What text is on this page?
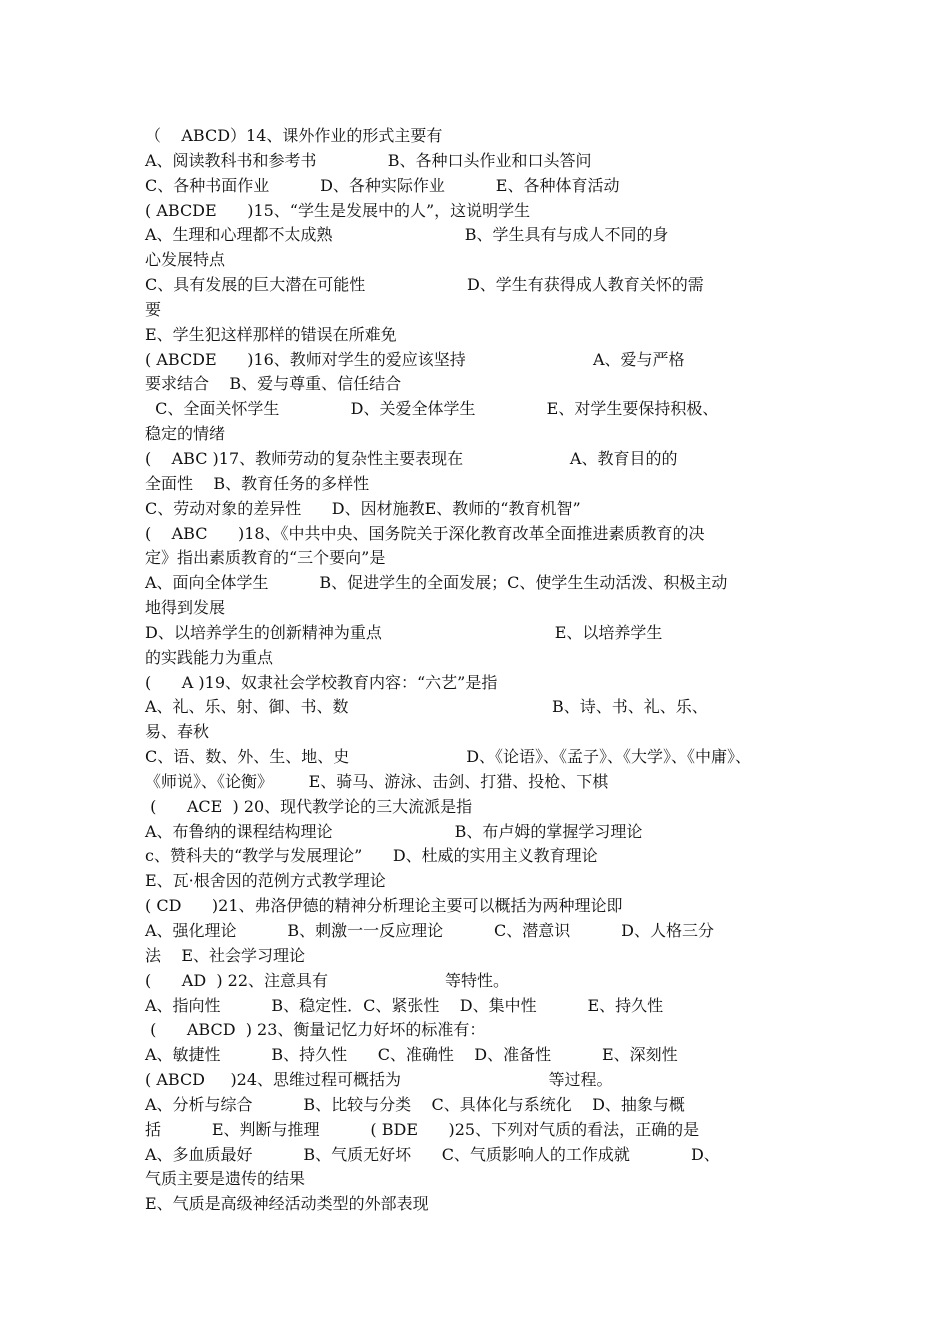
（    ABCD）14、课外作业的形式主要有
A、阅读教科书和参考书              B、各种口头作业和口头答问
C、各种书面作业          D、各种实际作业          E、各种体育活动
( ABCDE      )15、“学生是发展中的人”，这说明学生
A、生理和心理都不太成熟                          B、学生具有与成人不同的身
心发展特点
C、具有发展的巨大潜在可能性                    D、学生有获得成人教育关怀的需
要
E、学生犯这样那样的错误在所难免
( ABCDE      )16、教师对学生的爱应该坚持                         A、爱与严格
要求结合    B、爱与尊重、信任结合
C、全面关怀学生              D、关爱全体学生              E、对学生要保持积极、
稳定的情绪
(    ABC )17、教师劳动的复杂性主要表现在                     A、教育目的的
全面性    B、教育任务的多样性
C、劳动对象的差异性      D、因材施教E、教师的“教育机智”
(    ABC      )18、《中共中央、国务院关于深化教育改革全面推进素质教育的决
定》指出素质教育的“三个要向”是
A、面向全体学生          B、促进学生的全面发展；C、使学生生动活泼、积极主动
地得到发展
D、以培养学生的创新精神为重点                                  E、以培养学生
的实践能力为重点
(      A )19、奴隶社会学校教育内容：“六艺”是指
A、礼、乐、射、御、书、数                                        B、诗、书、礼、乐、
易、春秋
C、语、数、外、生、地、史                       D、《论语》、《孟子》、《大学》、《中庸》、
《师说》、《论衡》       E、骑马、游泳、击剑、打猎、投枪、下棋
(      ACE  ) 20、现代教学论的三大流派是指
A、布鲁纳的课程结构理论                        B、布卢姆的掌握学习理论
c、赞科夫的“教学与发展理论”      D、杜威的实用主义教育理论
E、瓦·根舍因的范例方式教学理论
( CD      )21、弗洛伊德的精神分析理论主要可以概括为两种理论即
A、强化理论          B、刺激一一反应理论          C、潜意识          D、人格三分
法    E、社会学习理论
(      AD  ) 22、注意具有                       等特性。
A、指向性          B、稳定性．C、紧张性    D、集中性          E、持久性
(      ABCD  ) 23、衡量记忆力好坏的标准有：
A、敏捷性          B、持久性      C、准确性    D、准备性          E、深刻性
( ABCD     )24、思维过程可概括为                             等过程。
A、分析与综合          B、比较与分类    C、具体化与系统化    D、抽象与概
括          E、判断与推理          ( BDE      )25、下列对气质的看法，正确的是
A、多血质最好          B、气质无好坏      C、气质影响人的工作成就            D、
气质主要是遗传的结果
E、气质是高级神经活动类型的外部表现
